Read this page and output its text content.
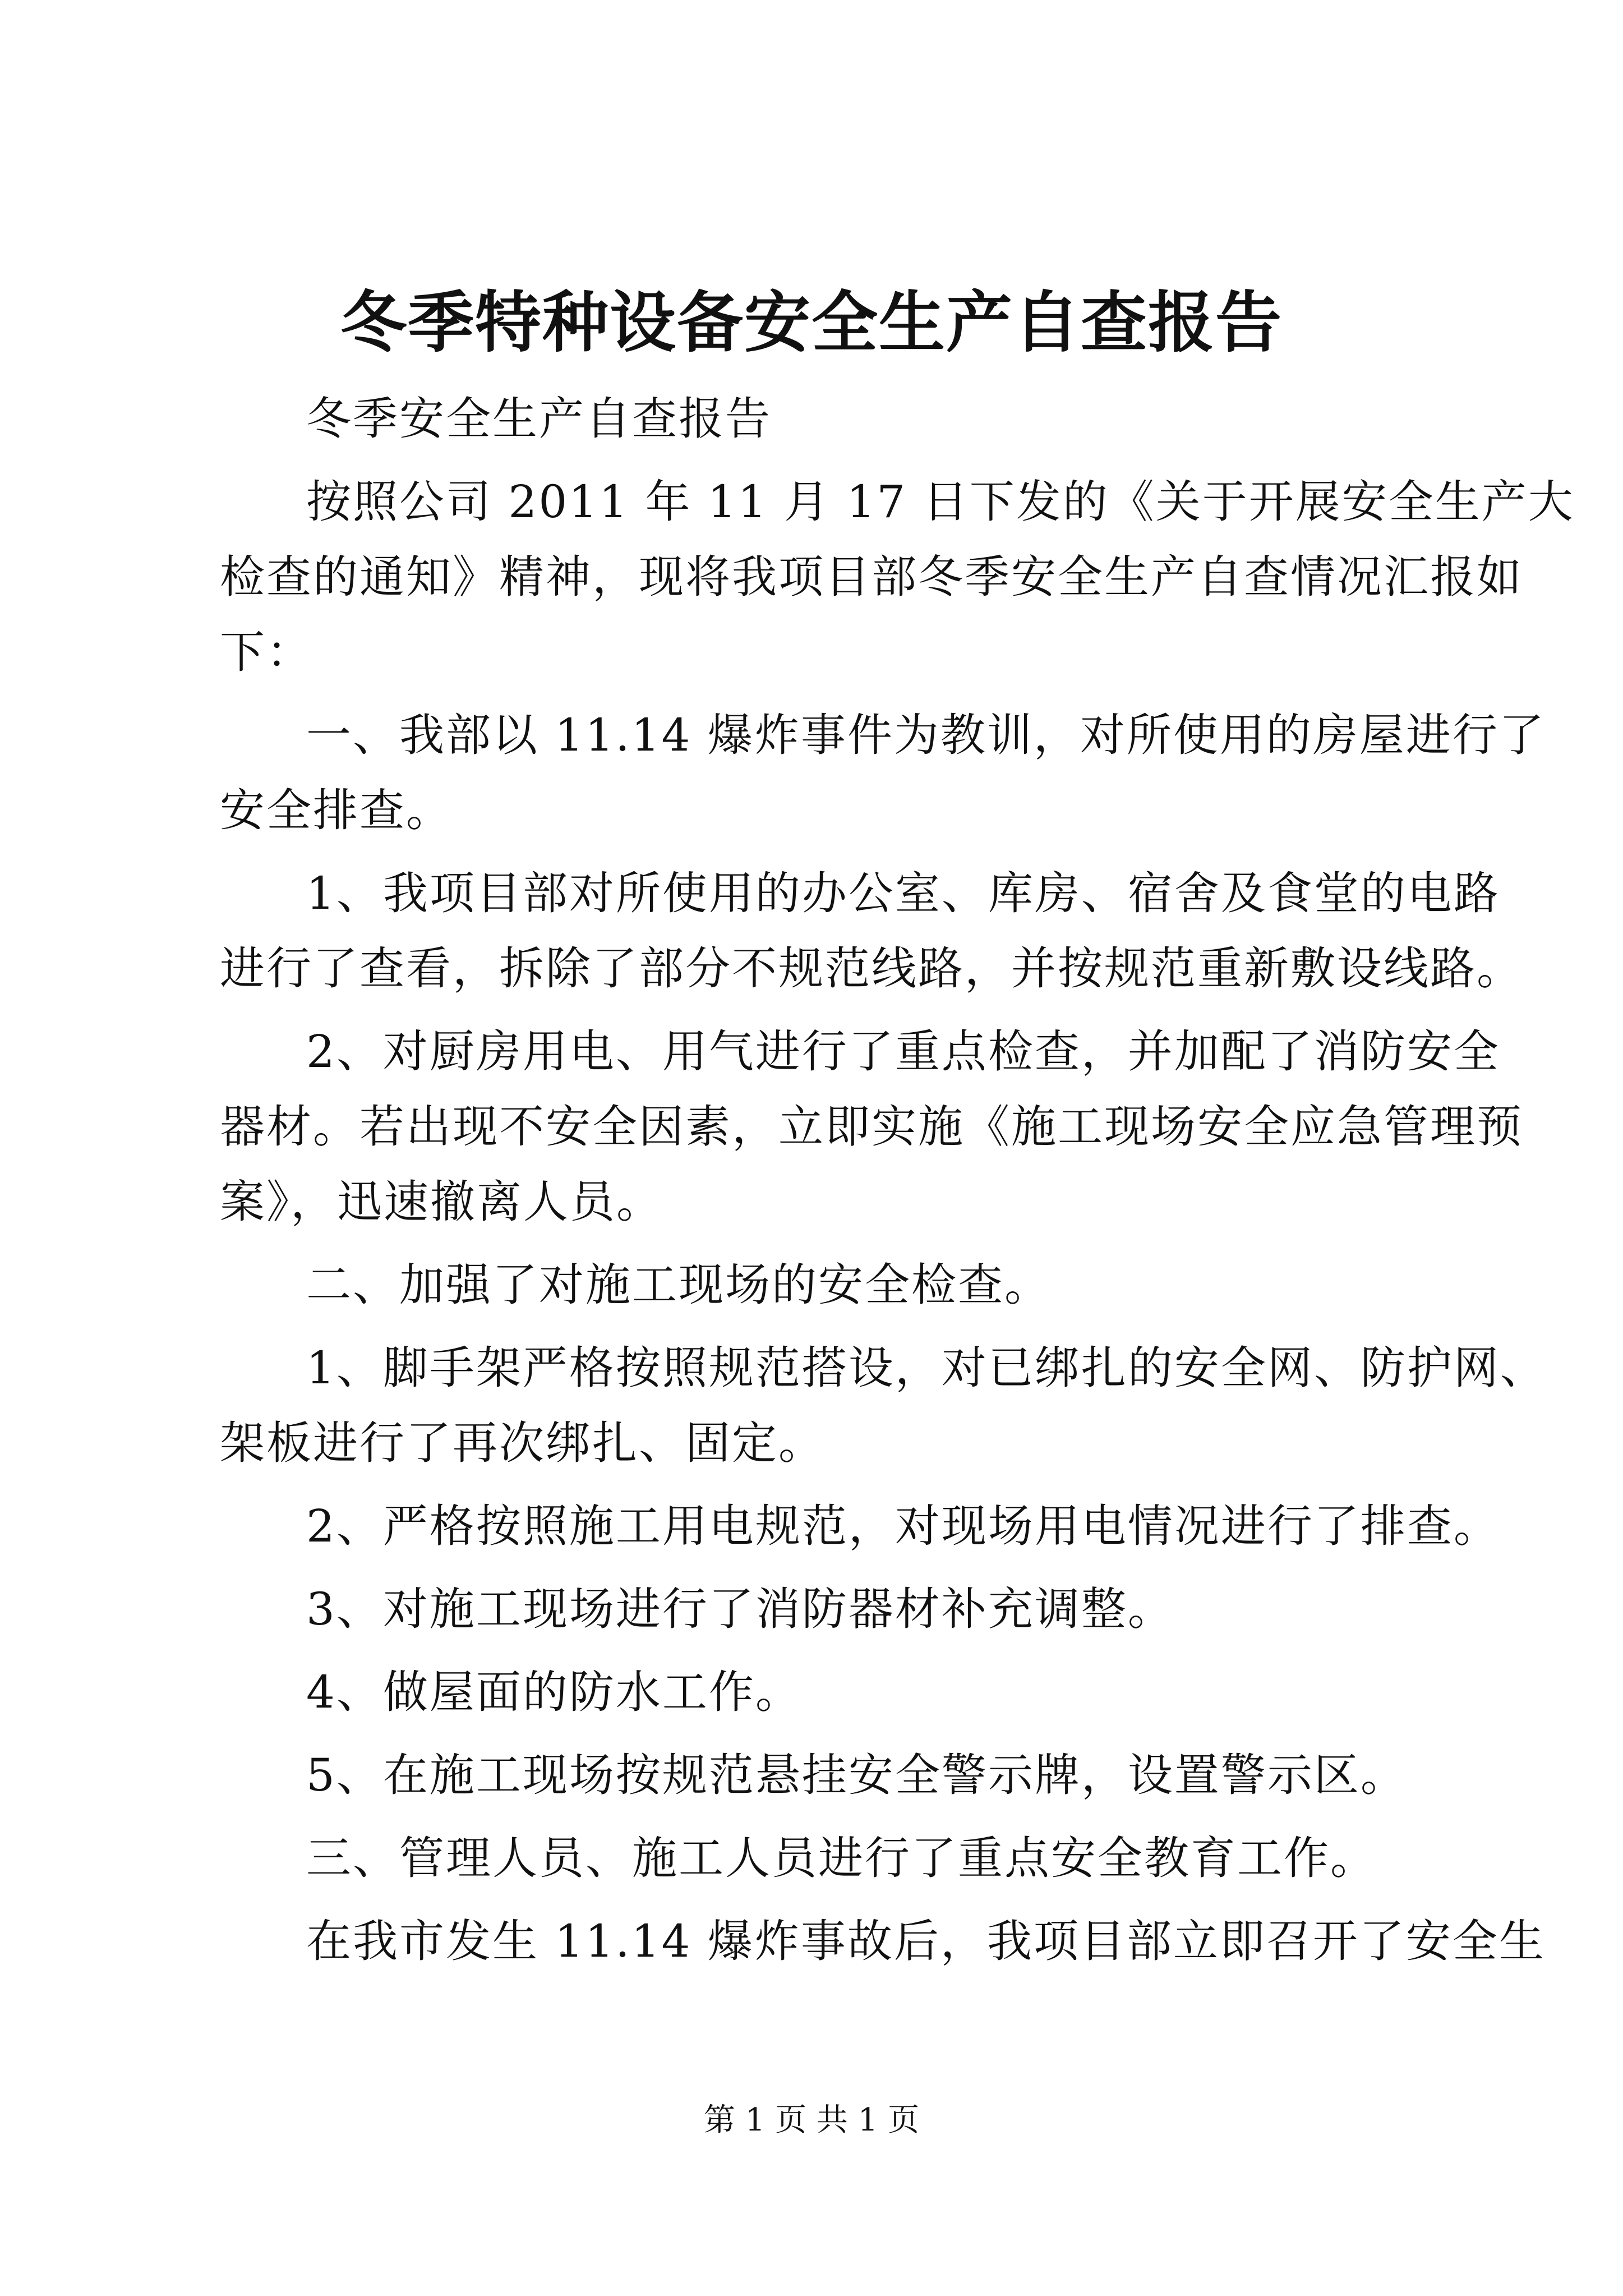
冬季特种设备安全生产自查报告

冬季安全生产自查报告

按照公司 2011 年 11 月 17 日下发的《关于开展安全生产大

检查的通知》精神，现将我项目部冬季安全生产自查情况汇报如

下：

一、我部以 11.14 爆炸事件为教训，对所使用的房屋进行了

安全排查。

1、我项目部对所使用的办公室、库房、宿舍及食堂的电路

进行了查看，拆除了部分不规范线路，并按规范重新敷设线路。

2、对厨房用电、用气进行了重点检查，并加配了消防安全

器材。若出现不安全因素，立即实施《施工现场安全应急管理预

案》，迅速撤离人员。

二、加强了对施工现场的安全检查。

1、脚手架严格按照规范搭设，对已绑扎的安全网、防护网、

架板进行了再次绑扎、固定。

2、严格按照施工用电规范，对现场用电情况进行了排查。

3、对施工现场进行了消防器材补充调整。

4、做屋面的防水工作。

5、在施工现场按规范悬挂安全警示牌，设置警示区。

三、管理人员、施工人员进行了重点安全教育工作。

在我市发生 11.14 爆炸事故后，我项目部立即召开了安全生

第 1 页 共 1 页
